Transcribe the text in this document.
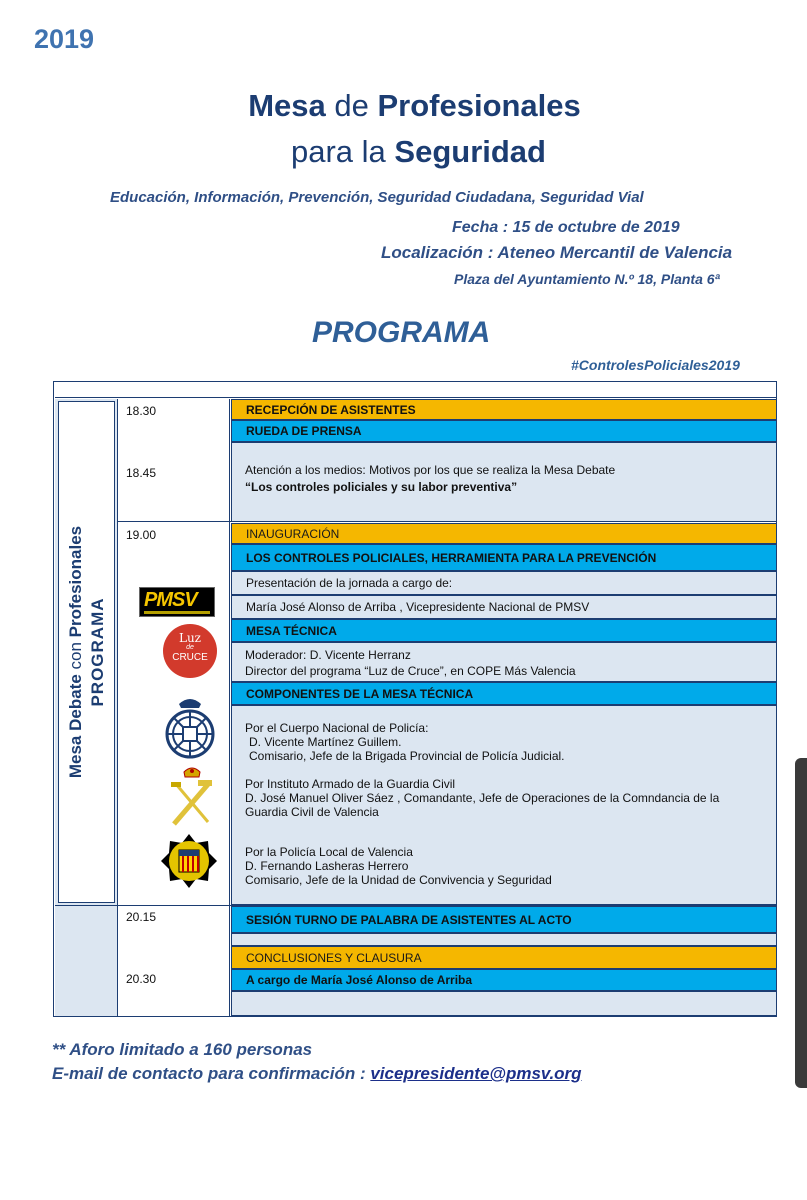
2019
Mesa de Profesionales
para la Seguridad
Educación, Información, Prevención, Seguridad Ciudadana, Seguridad Vial
Fecha : 15 de octubre de 2019
Localización : Ateneo Mercantil de Valencia
Plaza del Ayuntamiento N.º 18, Planta 6ª
PROGRAMA
#ControlesPoliciales2019
Mesa Debate con Profesionales
PROGRAMA
18.30
18.45
19.00
20.15
20.30
RECEPCIÓN DE ASISTENTES
RUEDA DE PRENSA
Atención a los medios: Motivos por los que se realiza la Mesa Debate
“Los controles policiales y su labor preventiva”
INAUGURACIÓN
LOS CONTROLES POLICIALES, HERRAMIENTA PARA LA PREVENCIÓN
Presentación de la jornada a cargo de:
María José Alonso de Arriba , Vicepresidente Nacional de PMSV
MESA TÉCNICA
Moderador: D. Vicente Herranz
Director del programa “Luz de Cruce”, en COPE Más Valencia
COMPONENTES DE LA MESA TÉCNICA
Por el Cuerpo Nacional de Policía:
D. Vicente Martínez Guillem.
Comisario, Jefe de la Brigada Provincial de Policía Judicial.
Por Instituto Armado de la Guardia Civil
D. José Manuel Oliver Sáez , Comandante, Jefe de Operaciones de la Comndancia de la
Guardia Civil de Valencia
Por la Policía Local de Valencia
D. Fernando Lasheras Herrero
Comisario, Jefe de la Unidad de Convivencia y Seguridad
SESIÓN TURNO DE PALABRA DE ASISTENTES AL ACTO
CONCLUSIONES Y CLAUSURA
A cargo de María José Alonso de Arriba
PMSV
Luz
de
CRUCE
** Aforo limitado a 160 personas
E-mail de contacto para confirmación : vicepresidente@pmsv.org
